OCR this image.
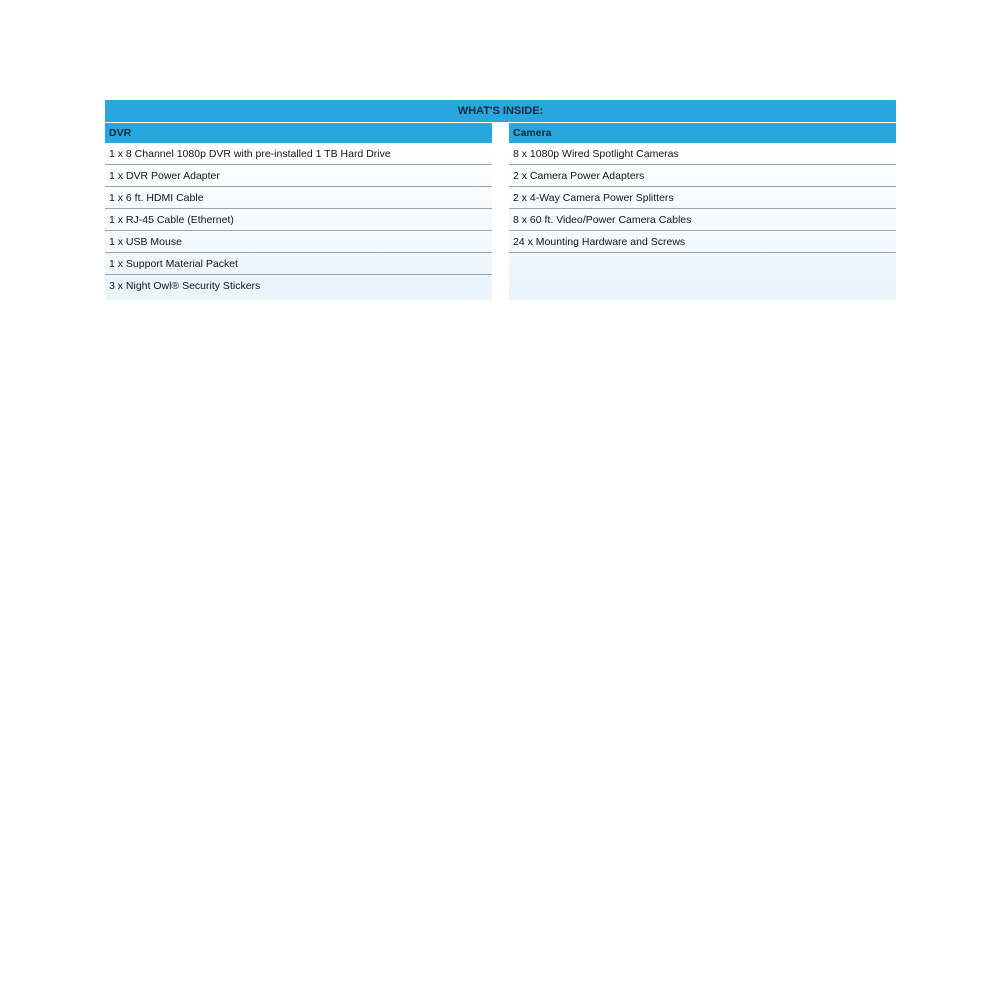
WHAT'S INSIDE:
DVR
1 x 8 Channel 1080p DVR with pre-installed 1 TB Hard Drive
1 x DVR Power Adapter
1 x 6 ft. HDMI Cable
1 x RJ-45 Cable (Ethernet)
1 x USB Mouse
1 x Support Material Packet
3 x Night Owl® Security Stickers
Camera
8 x 1080p Wired Spotlight Cameras
2 x Camera Power Adapters
2 x 4-Way Camera Power Splitters
8 x 60 ft. Video/Power Camera Cables
24 x Mounting Hardware and Screws
